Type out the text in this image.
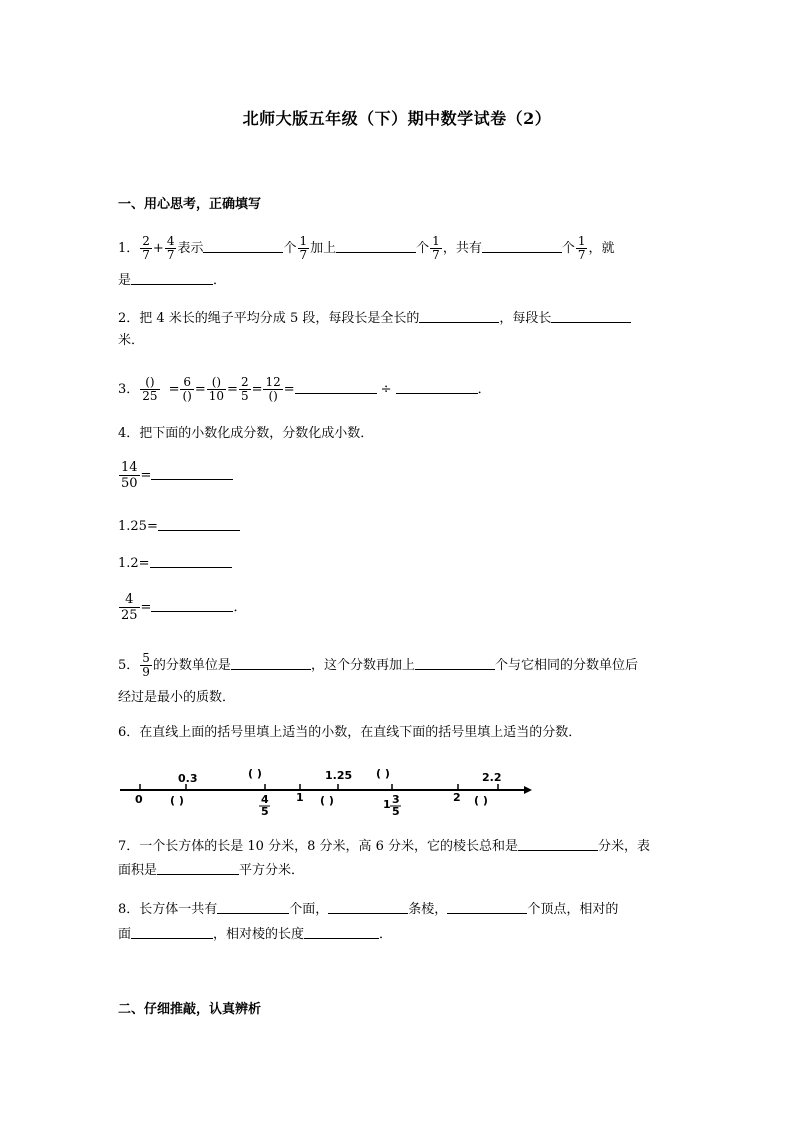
北师大版五年级（下）期中数学试卷（2）
一、用心思考，正确填写
1． $\frac{2}{7} + \frac{4}{7}$ 表示	个 $\frac{1}{7}$ 加上	个 $\frac{1}{7}$ ，共有	个 $\frac{1}{7}$ ，就
是	．
2．把 4 米长的绳子平均分成 5 段，每段长是全长的	，每段长
米．
3． $\frac{()}{25} = \frac{6}{()} = \frac{()}{10} = \frac{2}{5} = \frac{12}{()}$ =	÷	．
4．把下面的小数化成分数，分数化成小数．
$\frac{14}{50}$ =
1.25=
1.2=
$\frac{4}{25}$ =	．
5． $\frac{5}{9}$ 的分数单位是	，这个分数再加上	个与它相同的分数单位后
经过是最小的质数．
6．在直线上面的括号里填上适当的小数，在直线下面的括号里填上适当的分数．
0.3	( )	1.25 ( )	2.2
0 ( )	1 ( )	2 ( )
4
5
1 3
5
7．一个长方体的长是 10 分米，8 分米，高 6 分米，它的棱长总和是	分米，表
面积是	平方分米．
8．长方体一共有	个面，	条棱，	个顶点，相对的
面	，相对棱的长度	．
二、仔细推敲，认真辨析
